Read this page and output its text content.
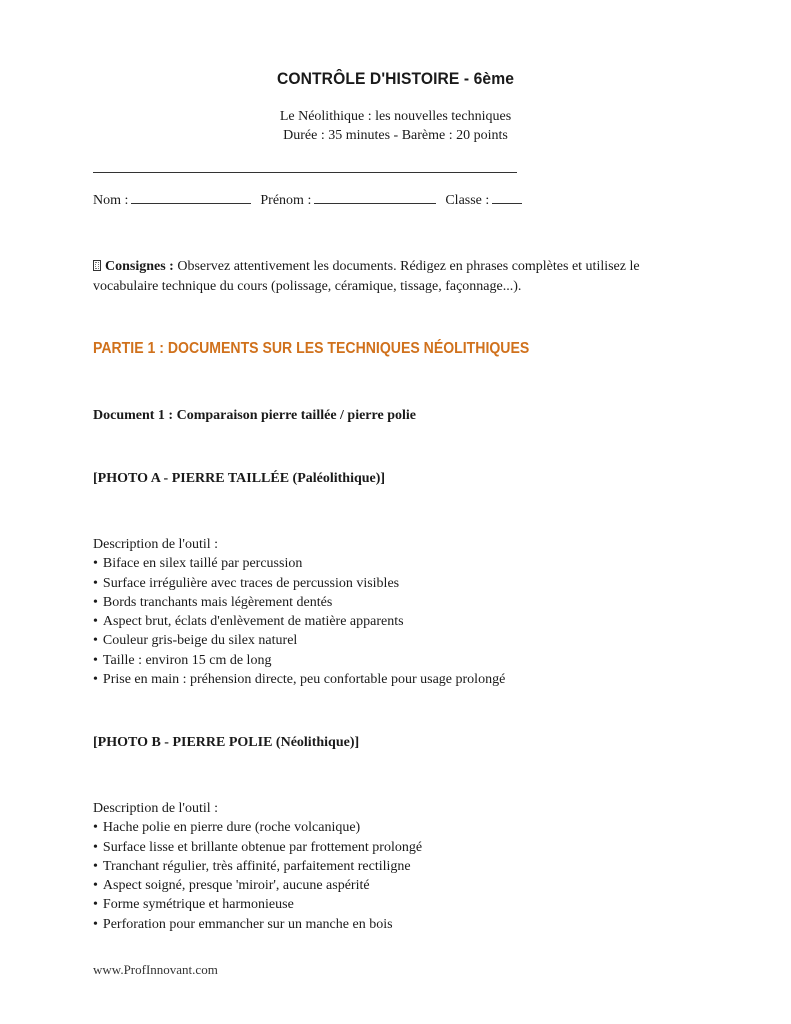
CONTRÔLE D'HISTOIRE - 6ème
Le Néolithique : les nouvelles techniques
Durée : 35 minutes - Barème : 20 points
Nom :	Prénom :	Classe :
Consignes : Observez attentivement les documents. Rédigez en phrases complètes et utilisez le vocabulaire technique du cours (polissage, céramique, tissage, façonnage...).
PARTIE 1 : DOCUMENTS SUR LES TECHNIQUES NÉOLITHIQUES
Document 1 : Comparaison pierre taillée / pierre polie
[PHOTO A - PIERRE TAILLÉE (Paléolithique)]
Description de l'outil :
• Biface en silex taillé par percussion
• Surface irrégulière avec traces de percussion visibles
• Bords tranchants mais légèrement dentés
• Aspect brut, éclats d'enlèvement de matière apparents
• Couleur gris-beige du silex naturel
• Taille : environ 15 cm de long
• Prise en main : préhension directe, peu confortable pour usage prolongé
[PHOTO B - PIERRE POLIE (Néolithique)]
Description de l'outil :
• Hache polie en pierre dure (roche volcanique)
• Surface lisse et brillante obtenue par frottement prolongé
• Tranchant régulier, très affinité, parfaitement rectiligne
• Aspect soigné, presque 'miroir', aucune aspérité
• Forme symétrique et harmonieuse
• Perforation pour emmancher sur un manche en bois
www.ProfInnovant.com
